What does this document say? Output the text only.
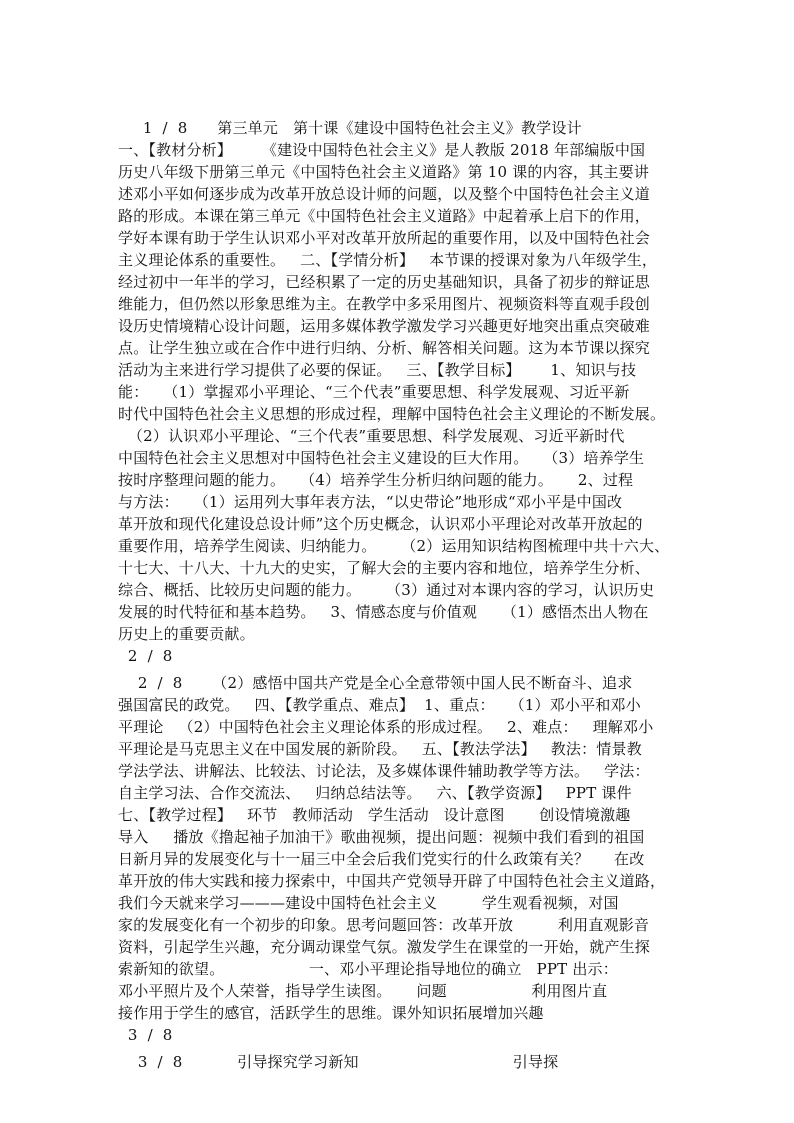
1  /  8      第三单元   第十课《建设中国特色社会主义》教学设计
一、【教材分析】      《建设中国特色社会主义》是人教版 2018 年部编版中国
历史八年级下册第三单元《中国特色社会主义道路》第 10 课的内容，其主要讲
述邓小平如何逐步成为改革开放总设计师的问题，以及整个中国特色社会主义道
路的形成。本课在第三单元《中国特色社会主义道路》中起着承上启下的作用，
学好本课有助于学生认识邓小平对改革开放所起的重要作用，以及中国特色社会
主义理论体系的重要性。   二、【学情分析】   本节课的授课对象为八年级学生，
经过初中一年半的学习，已经积累了一定的历史基础知识，具备了初步的辩证思
维能力，但仍然以形象思维为主。在教学中多采用图片、视频资料等直观手段创
设历史情境精心设计问题，运用多媒体教学激发学习兴趣更好地突出重点突破难
点。让学生独立或在合作中进行归纳、分析、解答相关问题。这为本节课以探究
活动为主来进行学习提供了必要的保证。   三、【教学目标】      1、知识与技
能：   （1）掌握邓小平理论、“三个代表”重要思想、科学发展观、习近平新
时代中国特色社会主义思想的形成过程，理解中国特色社会主义理论的不断发展。
（2）认识邓小平理论、“三个代表”重要思想、科学发展观、习近平新时代
中国特色社会主义思想对中国特色社会主义建设的巨大作用。   （3）培养学生
按时序整理问题的能力。   （4）培养学生分析归纳问题的能力。     2、过程
与方法：   （1）运用列大事年表方法，“以史带论”地形成“邓小平是中国改
革开放和现代化建设总设计师”这个历史概念，认识邓小平理论对改革开放起的
重要作用，培养学生阅读、归纳能力。     （2）运用知识结构图梳理中共十六大、
十七大、十八大、十九大的史实，了解大会的主要内容和地位，培养学生分析、
综合、概括、比较历史问题的能力。     （3）通过对本课内容的学习，认识历史
发展的时代特征和基本趋势。   3、情感态度与价值观     （1）感悟杰出人物在
历史上的重要贡献。
2  /  8
2  /  8      （2）感悟中国共产党是全心全意带领中国人民不断奋斗、追求
强国富民的政党。   四、【教学重点、难点】  1、重点：   （1）邓小平和邓小
平理论   （2）中国特色社会主义理论体系的形成过程。   2、难点：   理解邓小
平理论是马克思主义在中国发展的新阶段。   五、【教法学法】   教法：情景教
学法学法、讲解法、比较法、讨论法，及多媒体课件辅助教学等方法。   学法：
自主学习法、合作交流法、   归纳总结法等。   六、【教学资源】   PPT 课件
七、【教学过程】   环节   教师活动   学生活动   设计意图       创设情境激趣
导入     播放《撸起袖子加油干》歌曲视频，提出问题：视频中我们看到的祖国
日新月异的发展变化与十一届三中全会后我们党实行的什么政策有关？     在改
革开放的伟大实践和接力探索中，中国共产党领导开辟了中国特色社会主义道路，
我们今天就来学习———建设中国特色社会主义         学生观看视频，对国
家的发展变化有一个初步的印象。思考问题回答：改革开放         利用直观影音
资料，引起学生兴趣，充分调动课堂气氛。激发学生在课堂的一开始，就产生探
索新知的欲望。                 一、邓小平理论指导地位的确立   PPT 出示：
邓小平照片及个人荣誉，指导学生读图。     问题                 利用图片直
接作用于学生的感官，活跃学生的思维。课外知识拓展增加兴趣
3  /  8
3  /  8           引导探究学习新知                               引导探
